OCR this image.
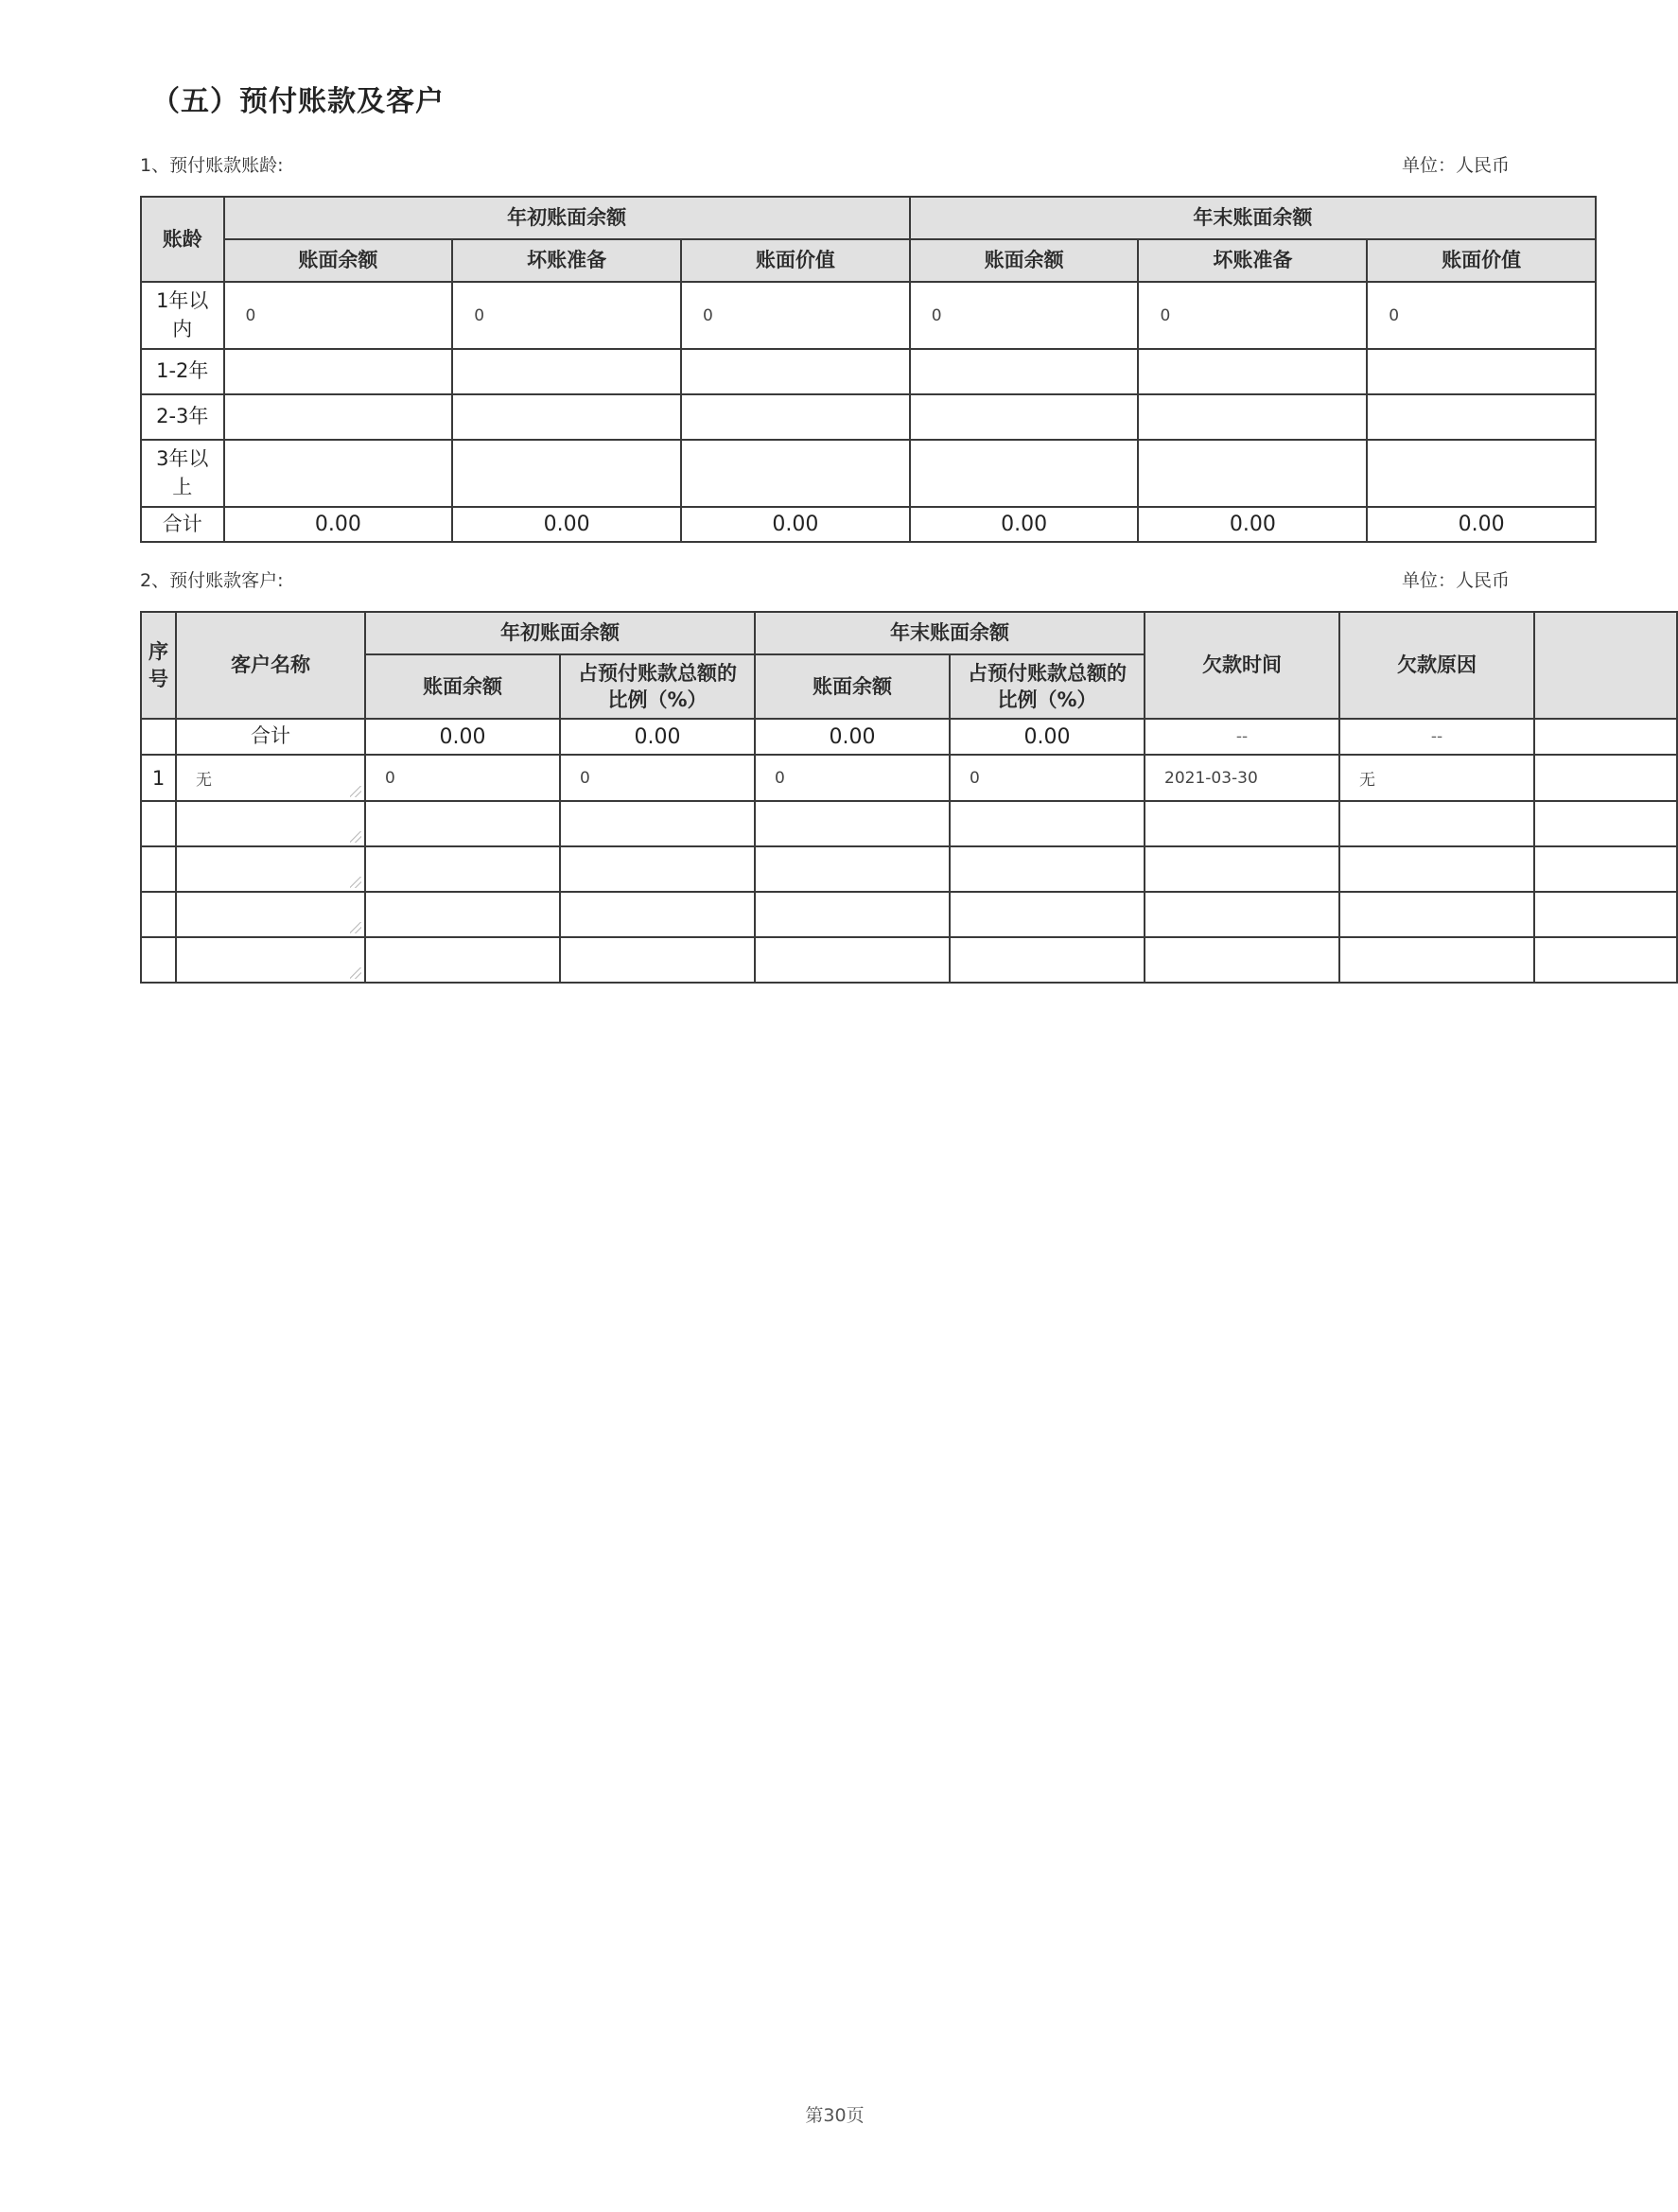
（五）预付账款及客户
1、预付账款账龄:	单位：人民币
账龄	年初账面余额			年末账面余额		
	账面余额	坏账准备	账面价值	账面余额	坏账准备	账面价值
1年以内	0	0	0	0	0	0
1-2年						
2-3年						
3年以上						
合计	0.00	0.00	0.00	0.00	0.00	0.00
2、预付账款客户:	单位：人民币
序号	客户名称	年初账面余额		年末账面余额		欠款时间	欠款原因	
		账面余额	占预付账款总额的比例（%）	账面余额	占预付账款总额的比例（%）			
	合计	0.00	0.00	0.00	0.00	--	--	
1	无	0	0	0	0	2021-03-30	无	

第30页
